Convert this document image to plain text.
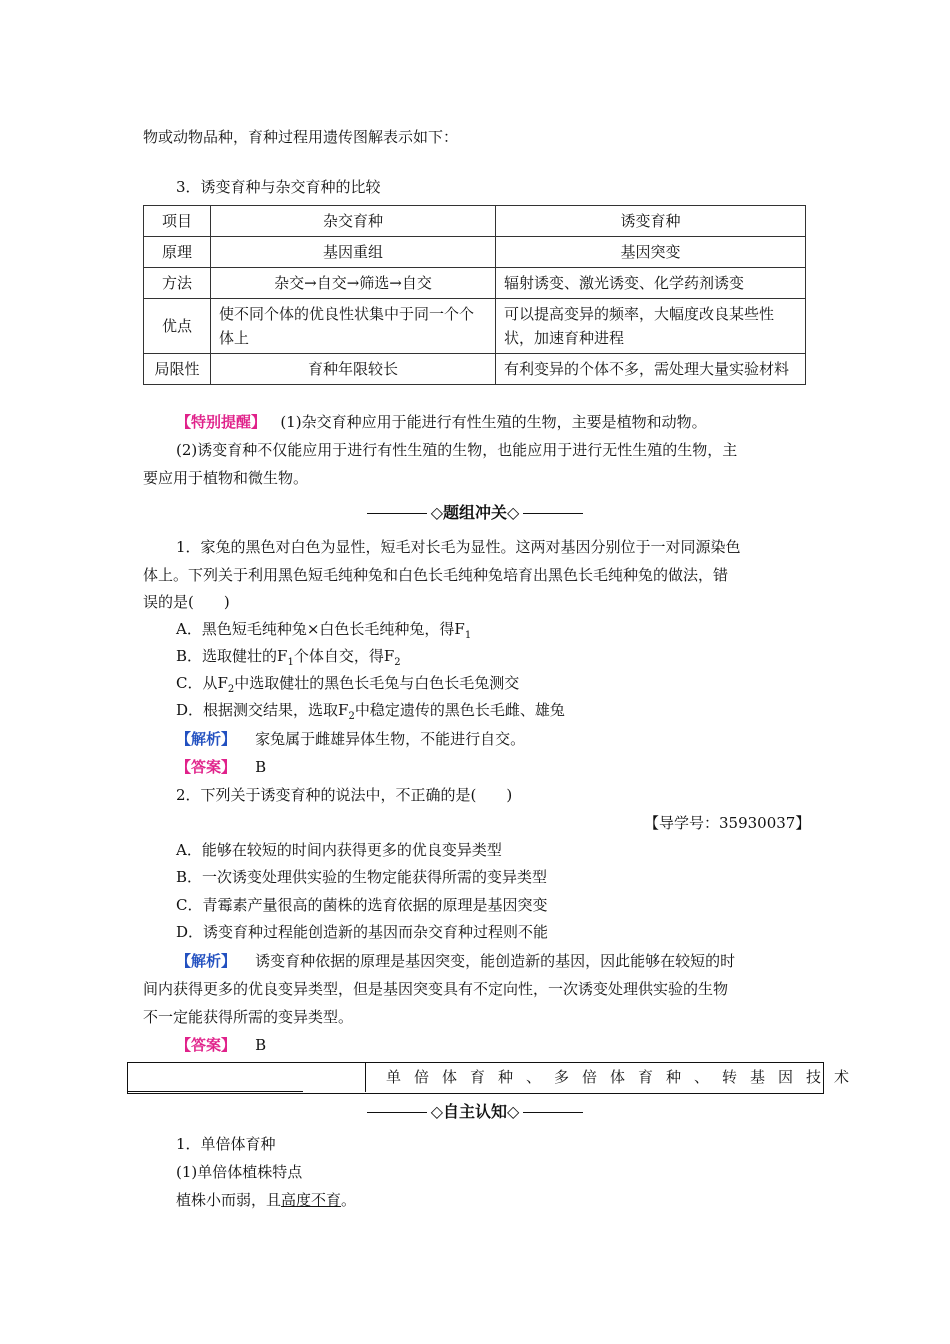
物或动物品种，育种过程用遗传图解表示如下：
3．诱变育种与杂交育种的比较
项目	杂交育种	诱变育种
原理	基因重组	基因突变
方法	杂交→自交→筛选→自交	辐射诱变、激光诱变、化学药剂诱变
优点	使不同个体的优良性状集中于同一个个体上	可以提高变异的频率，大幅度改良某些性状，加速育种进程
局限性	育种年限较长	有利变异的个体不多，需处理大量实验材料
【特别提醒】 (1)杂交育种应用于能进行有性生殖的生物，主要是植物和动物。
(2)诱变育种不仅能应用于进行有性生殖的生物，也能应用于进行无性生殖的生物，主
要应用于植物和微生物。
◇题组冲关◇
1．家兔的黑色对白色为显性，短毛对长毛为显性。这两对基因分别位于一对同源染色
体上。下列关于利用黑色短毛纯种兔和白色长毛纯种兔培育出黑色长毛纯种兔的做法，错
误的是(　　)
A．黑色短毛纯种兔×白色长毛纯种兔，得$F_1$
B．选取健壮的$F_1$个体自交，得$F_2$
C．从$F_2$中选取健壮的黑色长毛兔与白色长毛兔测交
D．根据测交结果，选取$F_2$中稳定遗传的黑色长毛雌、雄兔
【解析】 家兔属于雌雄异体生物，不能进行自交。
【答案】 B
2．下列关于诱变育种的说法中，不正确的是(　　)
【导学号：35930037】
A．能够在较短的时间内获得更多的优良变异类型
B．一次诱变处理供实验的生物定能获得所需的变异类型
C．青霉素产量很高的菌株的选育依据的原理是基因突变
D．诱变育种过程能创造新的基因而杂交育种过程则不能
【解析】 诱变育种依据的原理是基因突变，能创造新的基因，因此能够在较短的时
间内获得更多的优良变异类型，但是基因突变具有不定向性，一次诱变处理供实验的生物
不一定能获得所需的变异类型。
【答案】 B
单倍体育种、多倍体育种、转基因技术
◇自主认知◇
1．单倍体育种
(1)单倍体植株特点
植株小而弱，且高度不育。
